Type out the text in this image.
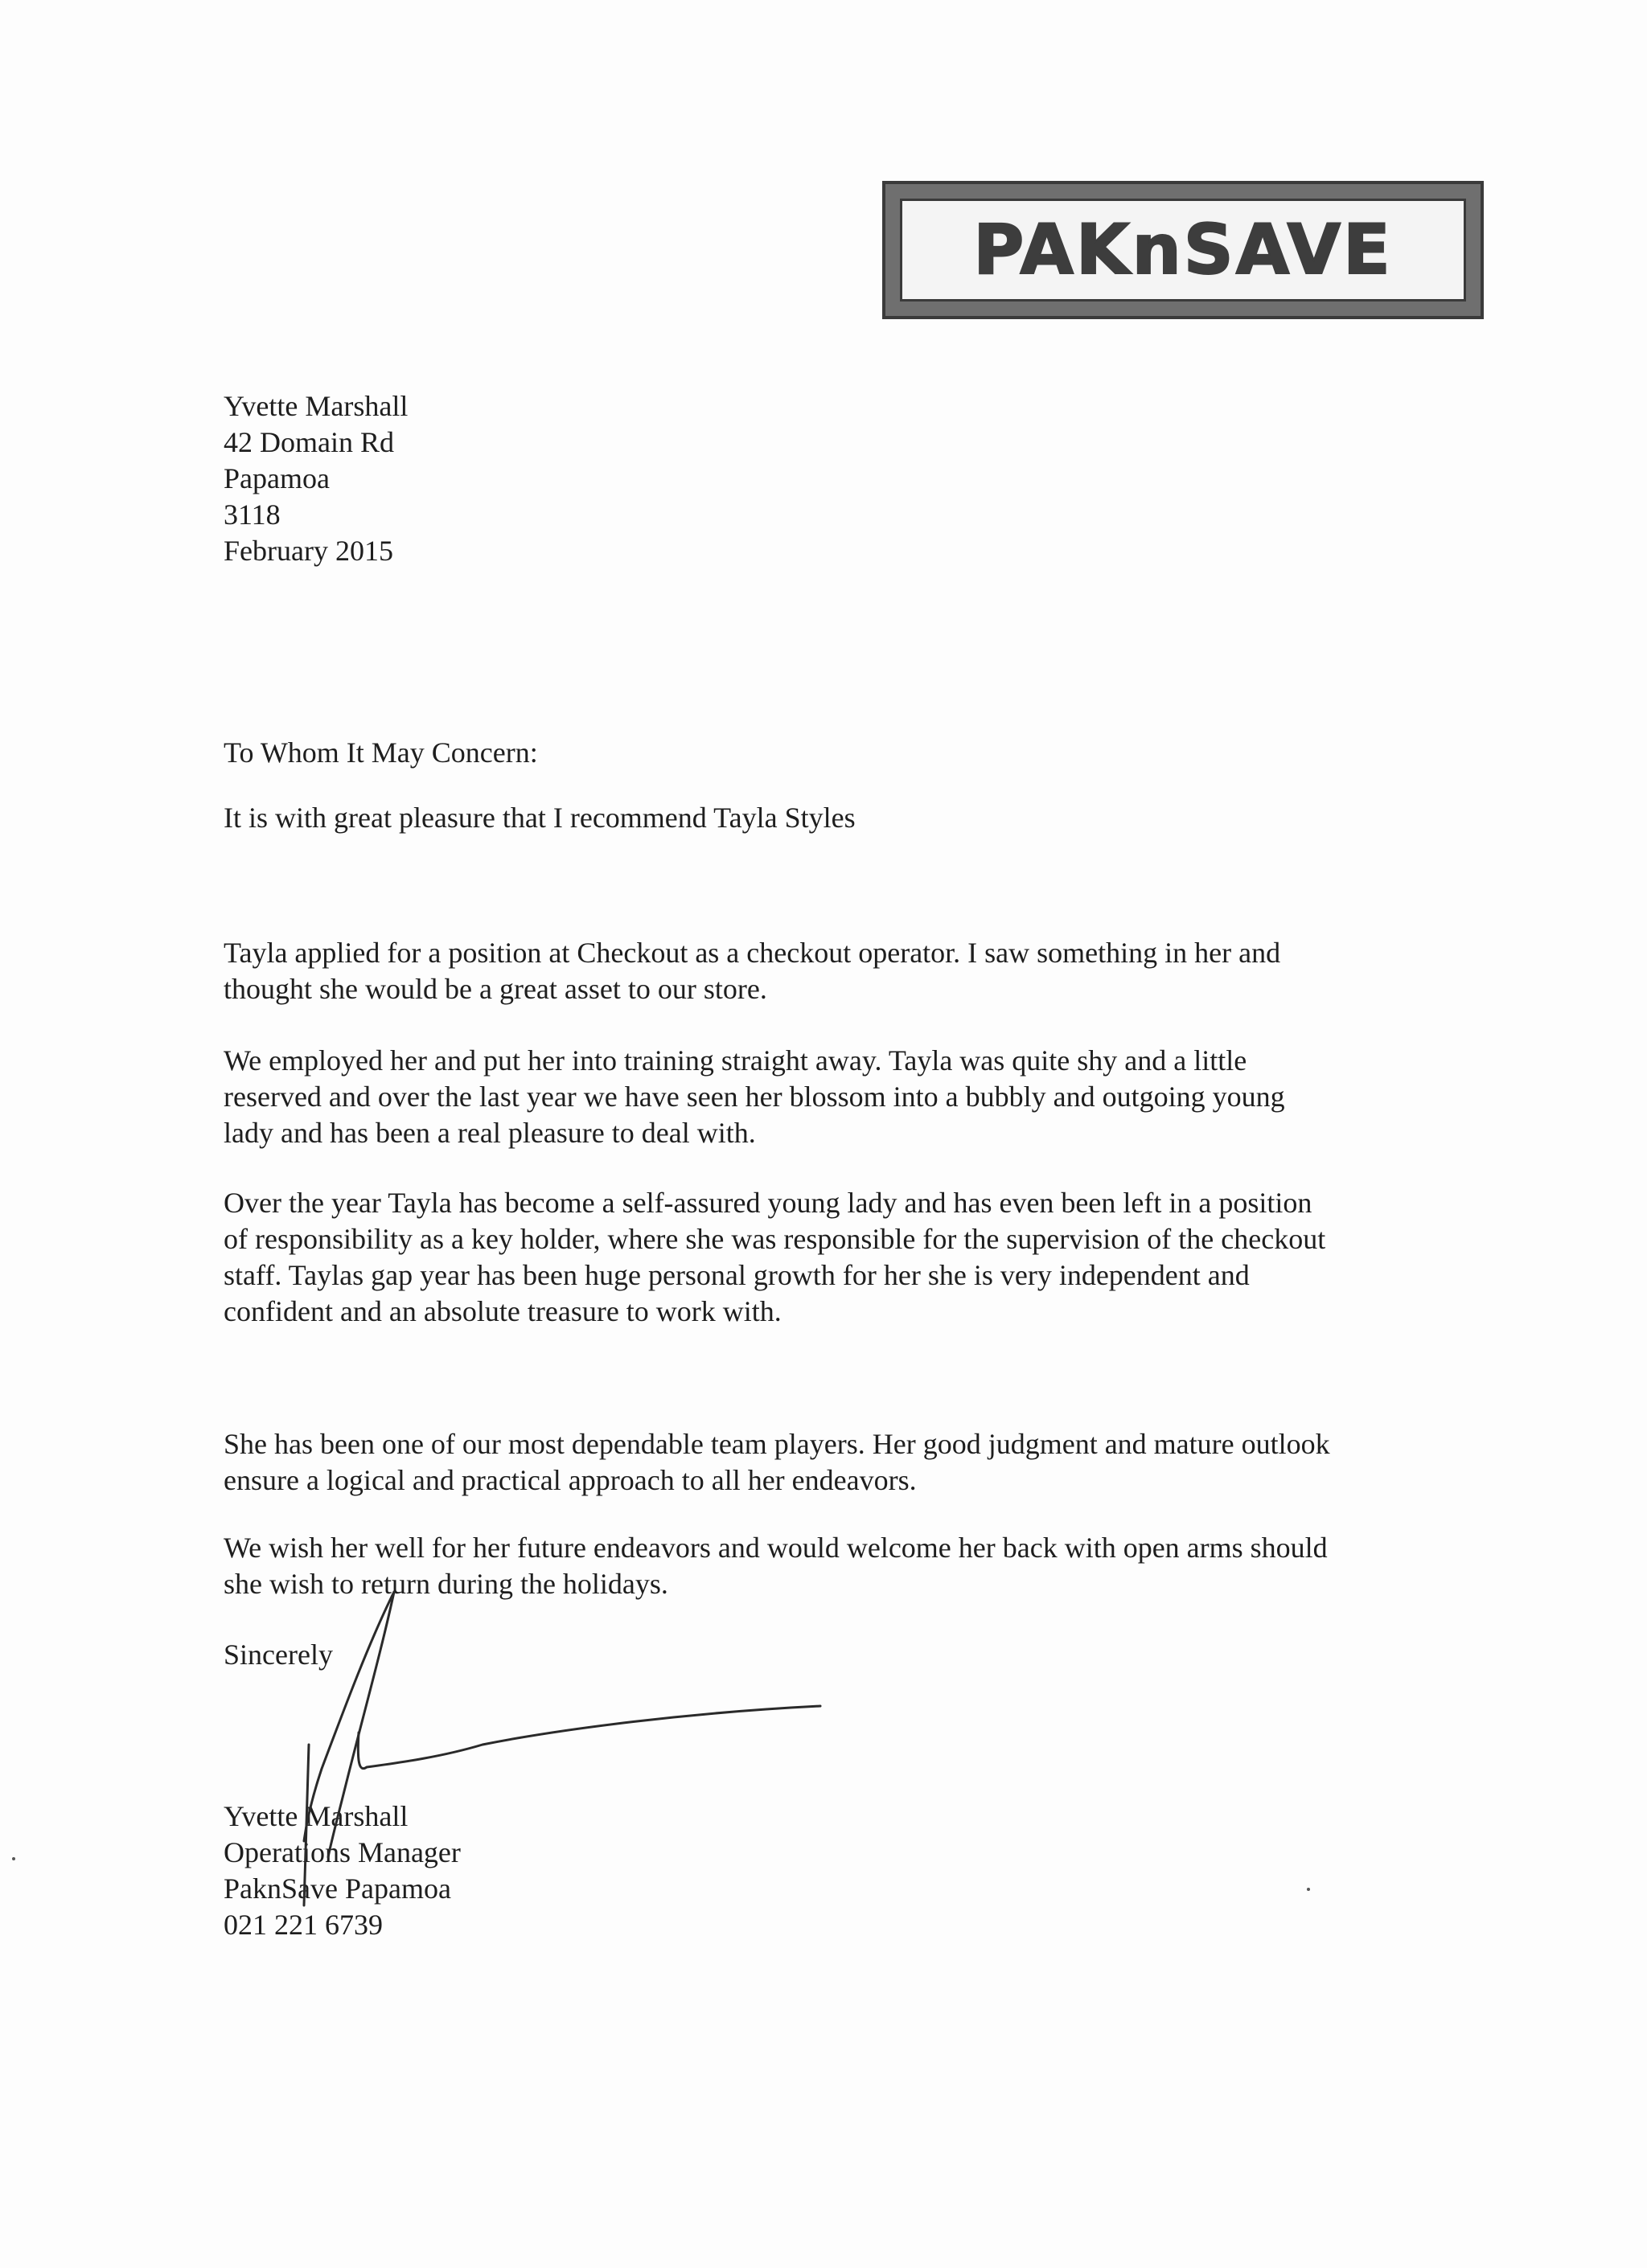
PAKnSAVE
Yvette Marshall
42 Domain Rd
Papamoa
3118
February 2015
To Whom It May Concern:
It is with great pleasure that I recommend Tayla Styles
Tayla applied for a position at Checkout as a checkout operator. I saw something in her and
thought she would be a great asset to our store.
We employed her and put her into training straight away. Tayla was quite shy and a little
reserved and over the last year we have seen her blossom into a bubbly and outgoing young
lady and has been a real pleasure to deal with.
Over the year Tayla has become a self-assured young lady and has even been left in a position
of responsibility as a key holder, where she was responsible for the supervision of the checkout
staff. Taylas gap year has been huge personal growth for her she is very independent and
confident and an absolute treasure to work with.
She has been one of our most dependable team players. Her good judgment and mature outlook
ensure a logical and practical approach to all her endeavors.
We wish her well for her future endeavors and would welcome her back with open arms should
she wish to return during the holidays.
Sincerely
Yvette Marshall
Operations Manager
PaknSave Papamoa
021 221 6739
